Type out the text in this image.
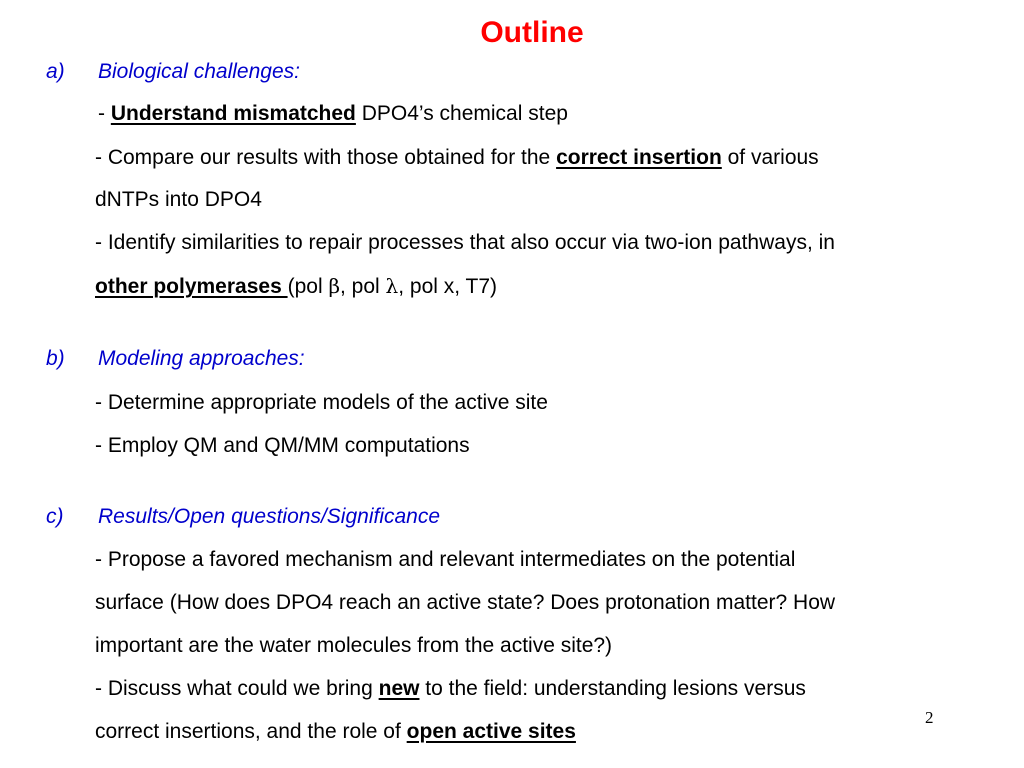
Outline
a) Biological challenges:
- Understand mismatched DPO4’s chemical step
- Compare our results with those obtained for the correct insertion of various
dNTPs into DPO4
- Identify similarities to repair processes that also occur via two-ion pathways, in
other polymerases (pol β, pol λ, pol x, T7)
b) Modeling approaches:
- Determine appropriate models of the active site
- Employ QM and QM/MM computations
c) Results/Open questions/Significance
- Propose a favored mechanism and relevant intermediates on the potential
surface (How does DPO4 reach an active state? Does protonation matter? How
important are the water molecules from the active site?)
- Discuss what could we bring new to the field: understanding lesions versus
correct insertions, and the role of open active sites
2
